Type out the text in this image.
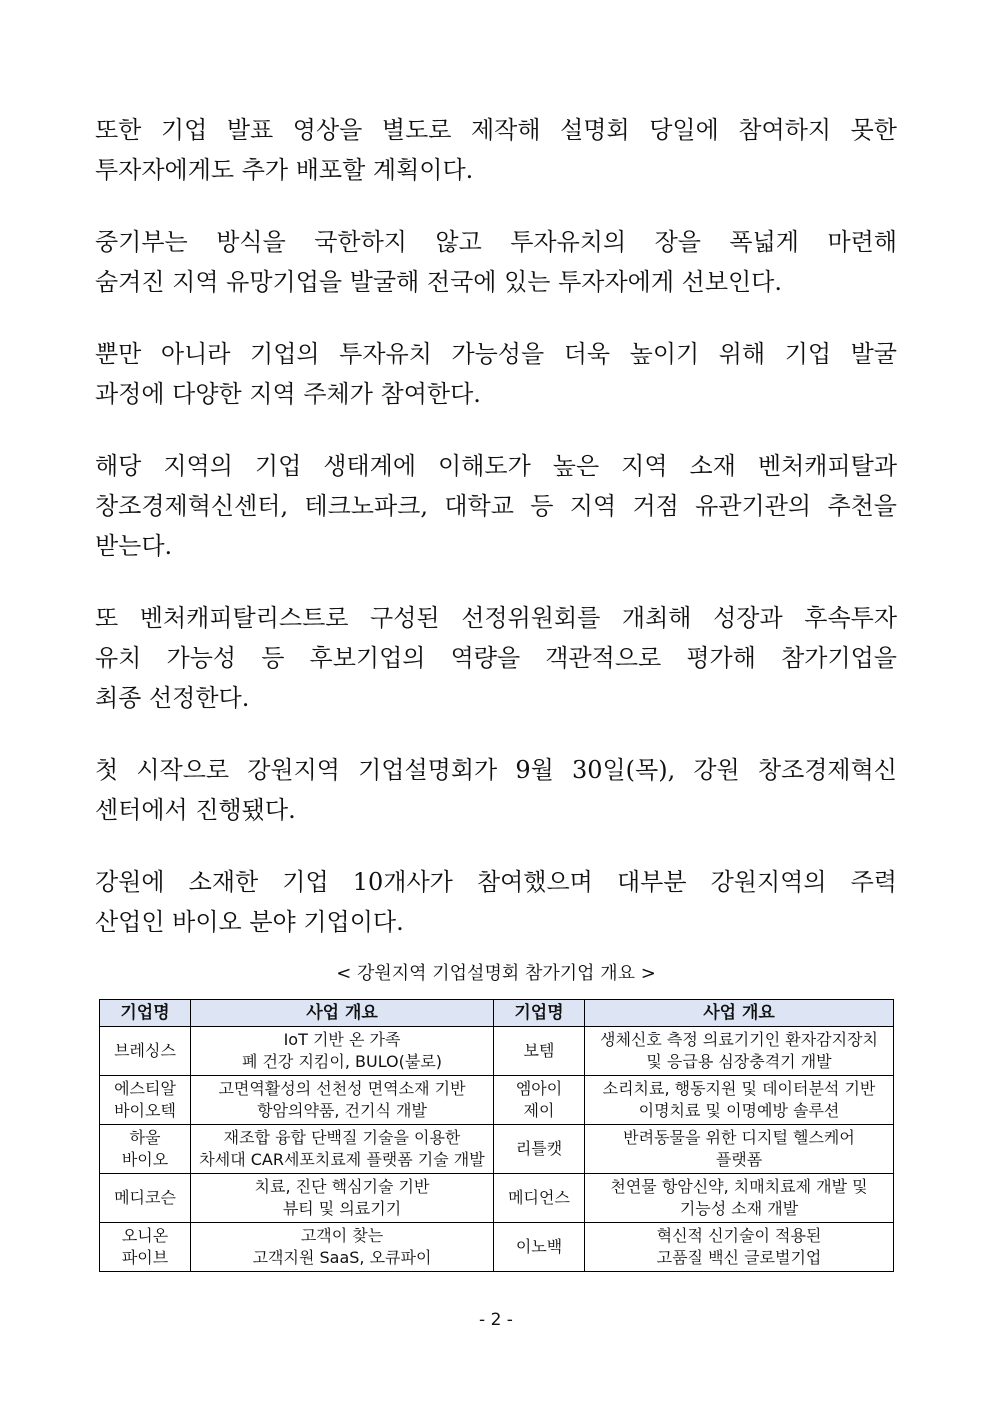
또한 기업 발표 영상을 별도로 제작해 설명회 당일에 참여하지 못한
투자자에게도 추가 배포할 계획이다.
중기부는 방식을 국한하지 않고 투자유치의 장을 폭넓게 마련해
숨겨진 지역 유망기업을 발굴해 전국에 있는 투자자에게 선보인다.
뿐만 아니라 기업의 투자유치 가능성을 더욱 높이기 위해 기업 발굴
과정에 다양한 지역 주체가 참여한다.
해당 지역의 기업 생태계에 이해도가 높은 지역 소재 벤처캐피탈과
창조경제혁신센터, 테크노파크, 대학교 등 지역 거점 유관기관의 추천을
받는다.
또 벤처캐피탈리스트로 구성된 선정위원회를 개최해 성장과 후속투자
유치 가능성 등 후보기업의 역량을 객관적으로 평가해 참가기업을
최종 선정한다.
첫 시작으로 강원지역 기업설명회가 9월 30일(목), 강원 창조경제혁신
센터에서 진행됐다.
강원에 소재한 기업 10개사가 참여했으며 대부분 강원지역의 주력
산업인 바이오 분야 기업이다.

< 강원지역 기업설명회 참가기업 개요 >

기업명	사업 개요	기업명	사업 개요

브레싱스	IoT 기반 온 가족
폐 건강 지킴이, BULO(불로)	보템	생체신호 측정 의료기기인 환자감지장치
및 응급용 심장충격기 개발

에스티알
바이오텍	고면역활성의 선천성 면역소재 기반
항암의약품, 건기식 개발	엠아이
제이	소리치료, 행동지원 및 데이터분석 기반
이명치료 및 이명예방 솔루션

하울
바이오	재조합 융합 단백질 기술을 이용한
차세대 CAR세포치료제 플랫폼 기술 개발	리틀캣	반려동물을 위한 디지털 헬스케어
플랫폼

메디코슨	치료, 진단 핵심기술 기반
뷰티 및 의료기기	메디언스	천연물 항암신약, 치매치료제 개발 및
기능성 소재 개발

오니온
파이브	고객이 찾는
고객지원 SaaS, 오큐파이	이노백	혁신적 신기술이 적용된
고품질 백신 글로벌기업
- 2 -
